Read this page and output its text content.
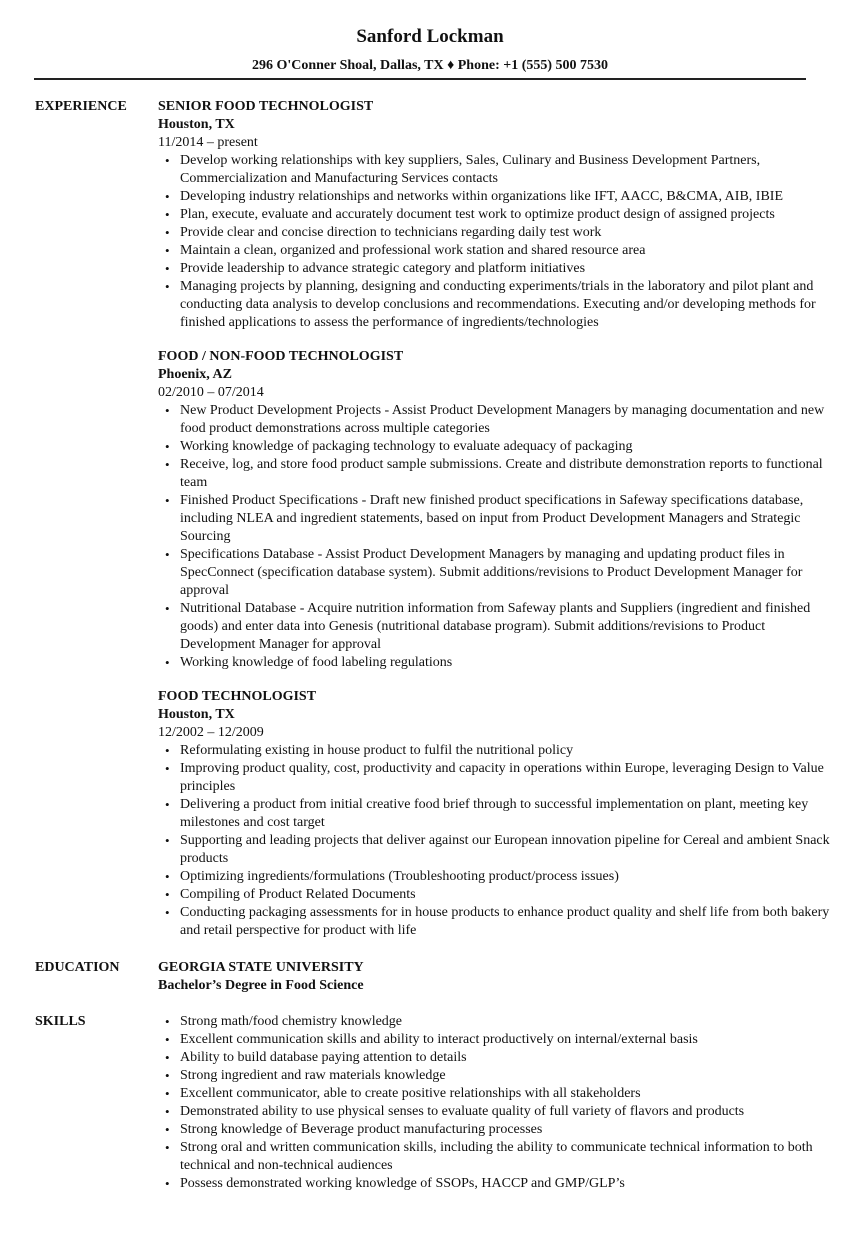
Sanford Lockman
296 O'Conner Shoal, Dallas, TX ♦ Phone: +1 (555) 500 7530
EXPERIENCE	SENIOR FOOD TECHNOLOGIST
Houston, TX
11/2014 – present
• Develop working relationships with key suppliers, Sales, Culinary and Business Development Partners, Commercialization and Manufacturing Services contacts
• Developing industry relationships and networks within organizations like IFT, AACC, B&CMA, AIB, IBIE
• Plan, execute, evaluate and accurately document test work to optimize product design of assigned projects
• Provide clear and concise direction to technicians regarding daily test work
• Maintain a clean, organized and professional work station and shared resource area
• Provide leadership to advance strategic category and platform initiatives
• Managing projects by planning, designing and conducting experiments/trials in the laboratory and pilot plant and conducting data analysis to develop conclusions and recommendations. Executing and/or developing methods for finished applications to assess the performance of ingredients/technologies
FOOD / NON-FOOD TECHNOLOGIST
Phoenix, AZ
02/2010 – 07/2014
• New Product Development Projects - Assist Product Development Managers by managing documentation and new food product demonstrations across multiple categories
• Working knowledge of packaging technology to evaluate adequacy of packaging
• Receive, log, and store food product sample submissions. Create and distribute demonstration reports to functional team
• Finished Product Specifications - Draft new finished product specifications in Safeway specifications database, including NLEA and ingredient statements, based on input from Product Development Managers and Strategic Sourcing
• Specifications Database - Assist Product Development Managers by managing and updating product files in SpecConnect (specification database system). Submit additions/revisions to Product Development Manager for approval
• Nutritional Database - Acquire nutrition information from Safeway plants and Suppliers (ingredient and finished goods) and enter data into Genesis (nutritional database program). Submit additions/revisions to Product Development Manager for approval
• Working knowledge of food labeling regulations
FOOD TECHNOLOGIST
Houston, TX
12/2002 – 12/2009
• Reformulating existing in house product to fulfil the nutritional policy
• Improving product quality, cost, productivity and capacity in operations within Europe, leveraging Design to Value principles
• Delivering a product from initial creative food brief through to successful implementation on plant, meeting key milestones and cost target
• Supporting and leading projects that deliver against our European innovation pipeline for Cereal and ambient Snack products
• Optimizing ingredients/formulations (Troubleshooting product/process issues)
• Compiling of Product Related Documents
• Conducting packaging assessments for in house products to enhance product quality and shelf life from both bakery and retail perspective for product with life
EDUCATION	GEORGIA STATE UNIVERSITY
Bachelor’s Degree in Food Science
SKILLS
•	Strong math/food chemistry knowledge
• Excellent communication skills and ability to interact productively on internal/external basis
• Ability to build database paying attention to details
• Strong ingredient and raw materials knowledge
• Excellent communicator, able to create positive relationships with all stakeholders
• Demonstrated ability to use physical senses to evaluate quality of full variety of flavors and products
• Strong knowledge of Beverage product manufacturing processes
• Strong oral and written communication skills, including the ability to communicate technical information to both technical and non-technical audiences
• Possess demonstrated working knowledge of SSOPs, HACCP and GMP/GLP’s
